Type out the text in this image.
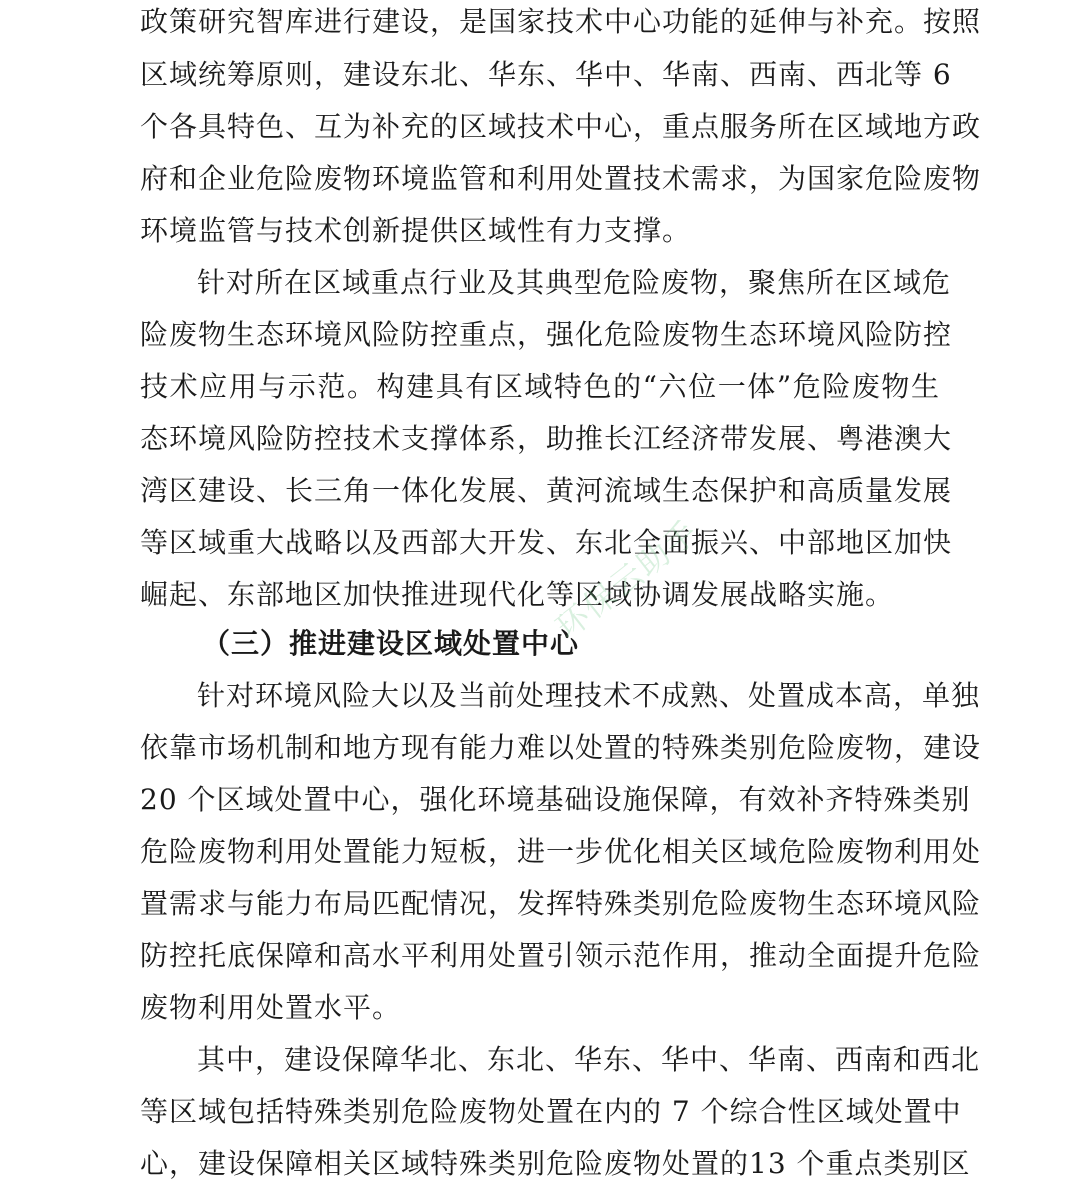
政策研究智库进行建设，是国家技术中心功能的延伸与补充。按照
区域统筹原则，建设东北、华东、华中、华南、西南、西北等 6
个各具特色、互为补充的区域技术中心，重点服务所在区域地方政
府和企业危险废物环境监管和利用处置技术需求，为国家危险废物
环境监管与技术创新提供区域性有力支撑。
针对所在区域重点行业及其典型危险废物，聚焦所在区域危
险废物生态环境风险防控重点，强化危险废物生态环境风险防控
技术应用与示范。构建具有区域特色的“六位一体”危险废物生
态环境风险防控技术支撑体系，助推长江经济带发展、粤港澳大
湾区建设、长三角一体化发展、黄河流域生态保护和高质量发展
等区域重大战略以及西部大开发、东北全面振兴、中部地区加快
崛起、东部地区加快推进现代化等区域协调发展战略实施。
（三）推进建设区域处置中心
针对环境风险大以及当前处理技术不成熟、处置成本高，单独
依靠市场机制和地方现有能力难以处置的特殊类别危险废物，建设
20 个区域处置中心，强化环境基础设施保障，有效补齐特殊类别
危险废物利用处置能力短板，进一步优化相关区域危险废物利用处
置需求与能力布局匹配情况，发挥特殊类别危险废物生态环境风险
防控托底保障和高水平利用处置引领示范作用，推动全面提升危险
废物利用处置水平。
其中，建设保障华北、东北、华东、华中、华南、西南和西北
等区域包括特殊类别危险废物处置在内的 7 个综合性区域处置中
心，建设保障相关区域特殊类别危险废物处置的13 个重点类别区
环保云助手
